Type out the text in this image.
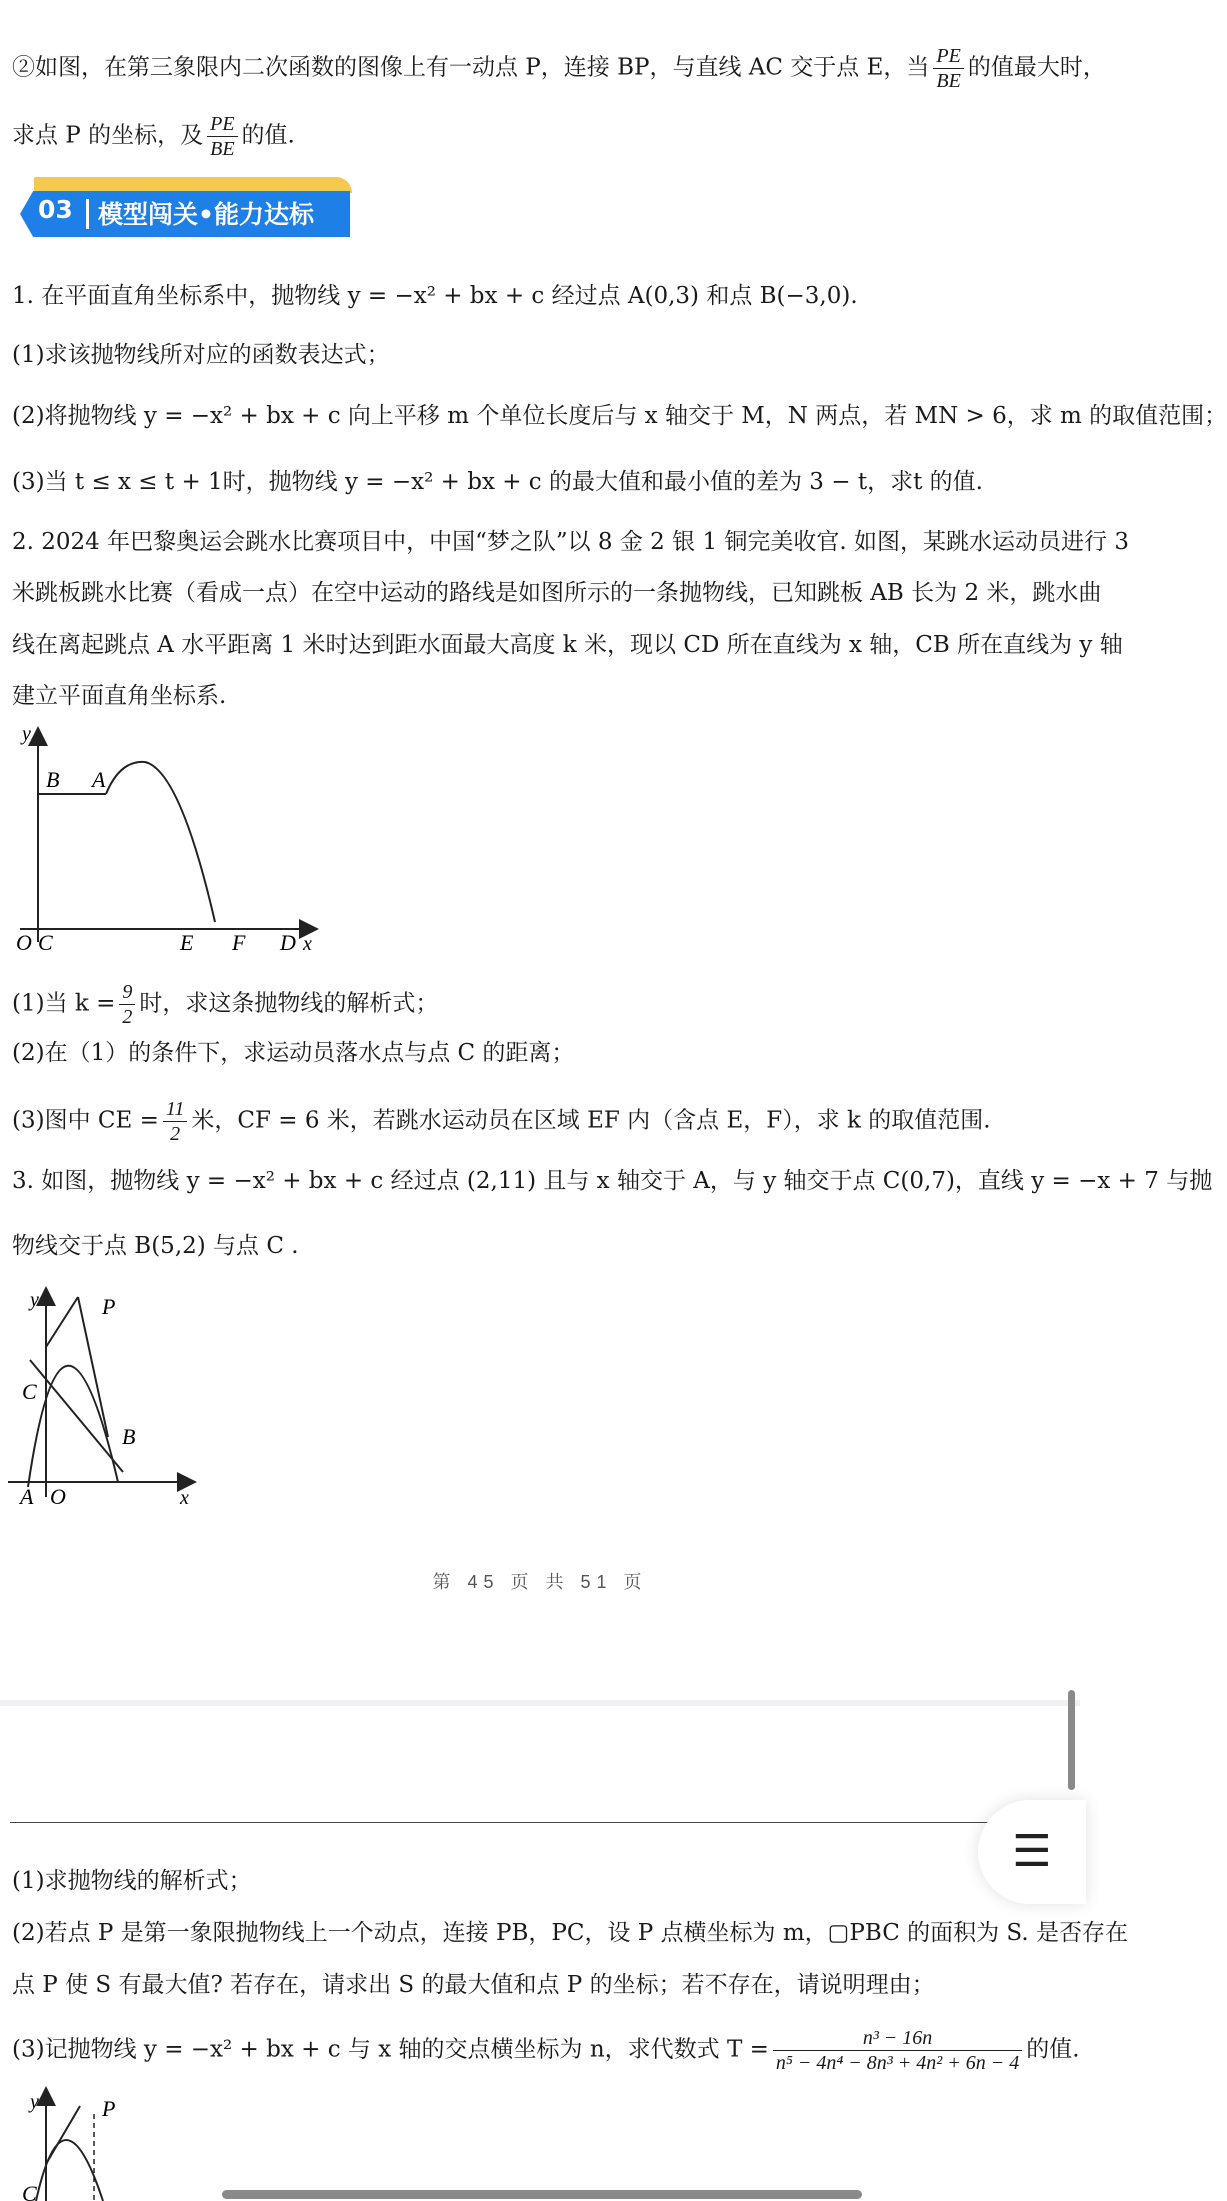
②如图，在第三象限内二次函数的图像上有一动点 P，连接 BP，与直线 AC 交于点 E，当 $\frac{PE}{BE}$ 的值最大时，
求点 P 的坐标，及 $\frac{PE}{BE}$ 的值.
03 模型闯关•能力达标
1. 在平面直角坐标系中，抛物线 y = −x² + bx + c 经过点 A(0,3) 和点 B(−3,0).
(1)求该抛物线所对应的函数表达式；
(2)将抛物线 y = −x² + bx + c 向上平移 m 个单位长度后与 x 轴交于 M，N 两点，若 MN > 6，求 m 的取值范围；
(3)当 t ≤ x ≤ t + 1时，抛物线 y = −x² + bx + c 的最大值和最小值的差为 3 − t，求t 的值.
2. 2024 年巴黎奥运会跳水比赛项目中，中国“梦之队”以 8 金 2 银 1 铜完美收官. 如图，某跳水运动员进行 3
米跳板跳水比赛（看成一点）在空中运动的路线是如图所示的一条抛物线，已知跳板 AB 长为 2 米，跳水曲
线在离起跳点 A 水平距离 1 米时达到距水面最大高度 k 米，现以 CD 所在直线为 x 轴，CB 所在直线为 y 轴
建立平面直角坐标系.
y
B A
O C	E F D x
(1)当 $k = \frac{9}{2}$ 时，求这条抛物线的解析式；
(2)在（1）的条件下，求运动员落水点与点 C 的距离；
(3)图中 CE = $\frac{11}{2}$ 米，CF = 6 米，若跳水运动员在区域 EF 内（含点 E，F），求 k 的取值范围.
3. 如图，抛物线 y = −x² + bx + c 经过点 (2,11) 且与 x 轴交于 A，与 y 轴交于点 C(0,7)，直线 y = −x + 7 与抛
物线交于点 B(5,2) 与点 C .
y	P
C
B
A O	x
第 45 页 共 51 页
☰
(1)求抛物线的解析式；
(2)若点 P 是第一象限抛物线上一个动点，连接 PB，PC，设 P 点横坐标为 m，▢PBC 的面积为 S. 是否存在
点 P 使 S 有最大值? 若存在，请求出 S 的最大值和点 P 的坐标；若不存在，请说明理由；
(3)记抛物线 y = −x² + bx + c 与 x 轴的交点横坐标为 n，求代数式 $T = \frac{\text{n³ − 16n}}{\text{n⁵ − 4n⁴ − 8n³ + 4n² + 6n − 4}}$ 的值.
y	P
C
